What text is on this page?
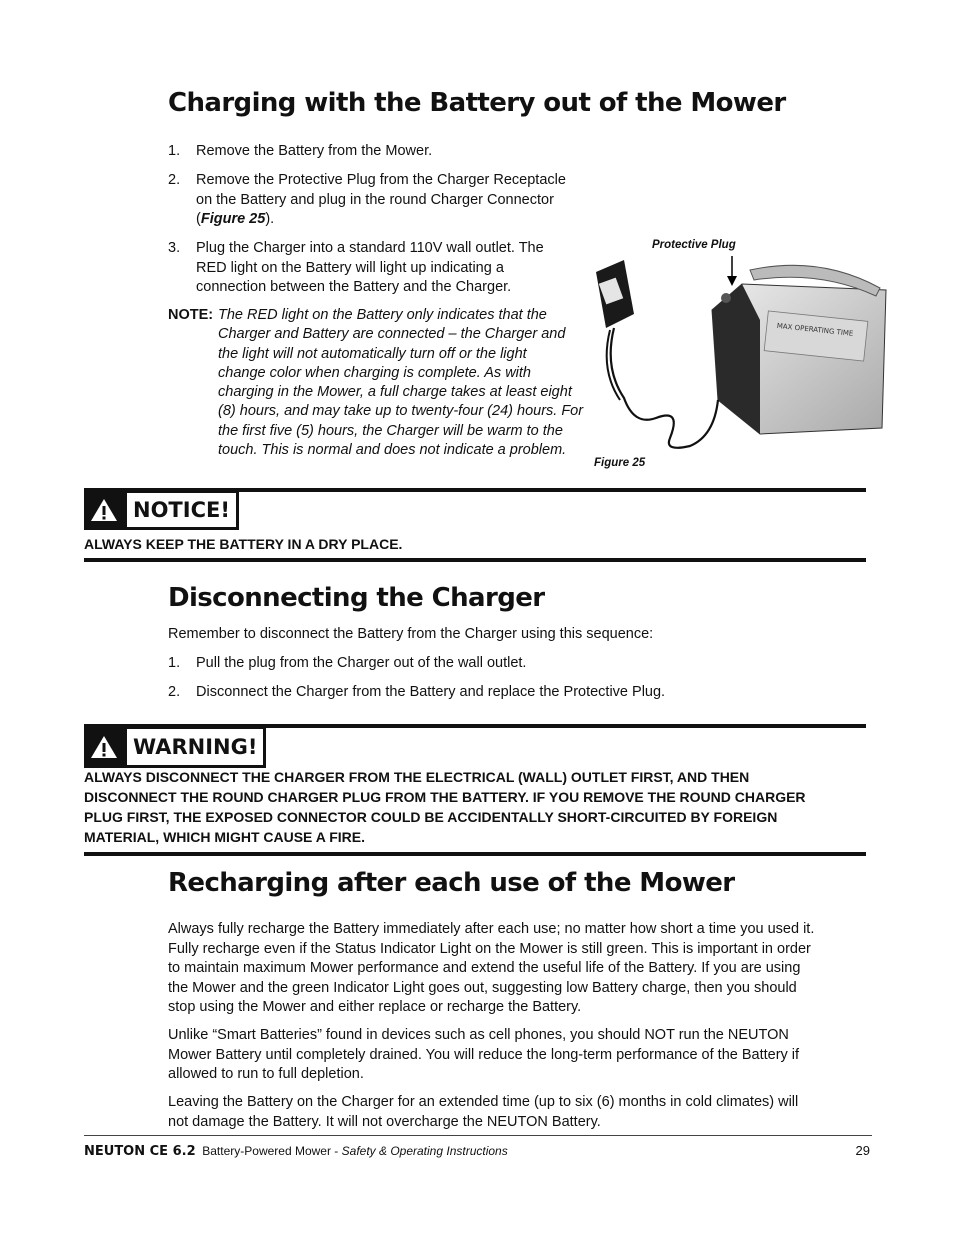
Charging with the Battery out of the Mower
1. Remove the Battery from the Mower.
2. Remove the Protective Plug from the Charger Receptacle
on the Battery and plug in the round Charger Connector
(Figure 25).
3. Plug the Charger into a standard 110V wall outlet. The
RED light on the Battery will light up indicating a
connection between the Battery and the Charger.
NOTE: The RED light on the Battery only indicates that the
Charger and Battery are connected – the Charger and
the light will not automatically turn off or the light
change color when charging is complete. As with
charging in the Mower, a full charge takes at least eight
(8) hours, and may take up to twenty-four (24) hours. For
the first five (5) hours, the Charger will be warm to the
touch. This is normal and does not indicate a problem.
Protective Plug
MAX OPERATING TIME
Figure 25
NOTICE!
ALWAYS KEEP THE BATTERY IN A DRY PLACE.
Disconnecting the Charger
Remember to disconnect the Battery from the Charger using this sequence:
1. Pull the plug from the Charger out of the wall outlet.
2. Disconnect the Charger from the Battery and replace the Protective Plug.
WARNING!
ALWAYS DISCONNECT THE CHARGER FROM THE ELECTRICAL (WALL) OUTLET FIRST, AND THEN
DISCONNECT THE ROUND CHARGER PLUG FROM THE BATTERY. IF YOU REMOVE THE ROUND CHARGER
PLUG FIRST, THE EXPOSED CONNECTOR COULD BE ACCIDENTALLY SHORT-CIRCUITED BY FOREIGN
MATERIAL, WHICH MIGHT CAUSE A FIRE.
Recharging after each use of the Mower
Always fully recharge the Battery immediately after each use; no matter how short a time you used it.
Fully recharge even if the Status Indicator Light on the Mower is still green. This is important in order
to maintain maximum Mower performance and extend the useful life of the Battery. If you are using
the Mower and the green Indicator Light goes out, suggesting low Battery charge, then you should
stop using the Mower and either replace or recharge the Battery.
Unlike “Smart Batteries” found in devices such as cell phones, you should NOT run the NEUTON
Mower Battery until completely drained. You will reduce the long-term performance of the Battery if
allowed to run to full depletion.
Leaving the Battery on the Charger for an extended time (up to six (6) months in cold climates) will
not damage the Battery. It will not overcharge the NEUTON Battery.
NEUTON CE 6.2 Battery-Powered Mower - Safety & Operating Instructions	29
